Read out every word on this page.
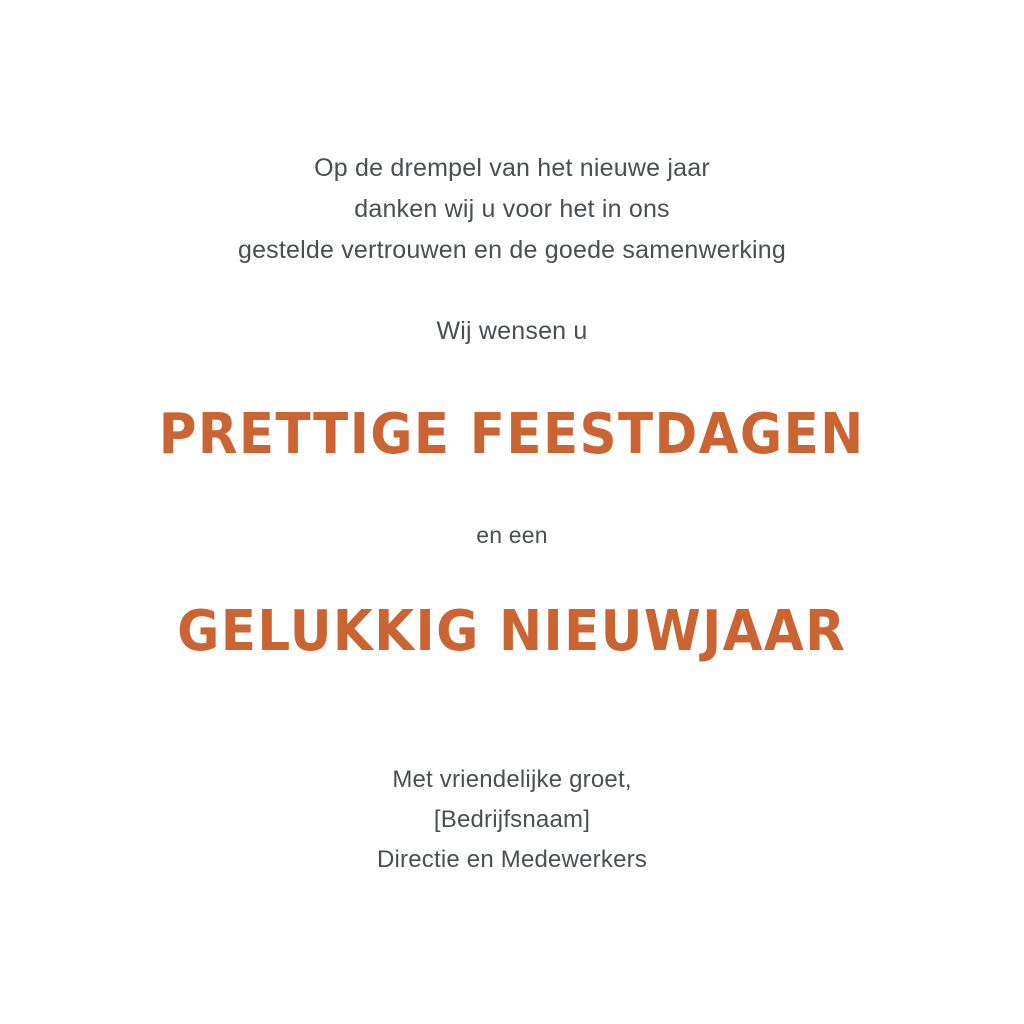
Op de drempel van het nieuwe jaar
danken wij u voor het in ons
gestelde vertrouwen en de goede samenwerking
Wij wensen u
PRETTIGE FEESTDAGEN
en een
GELUKKIG NIEUWJAAR
Met vriendelijke groet,
[Bedrijfsnaam]
Directie en Medewerkers
